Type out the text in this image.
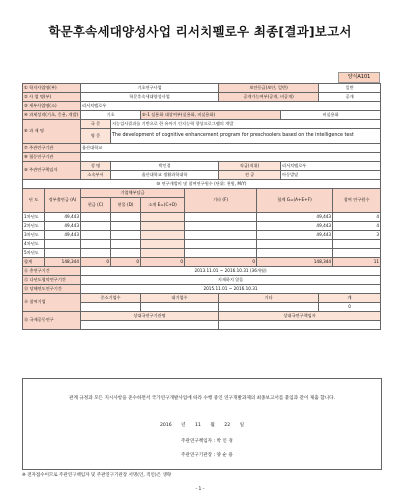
학문후속세대양성사업 리서치펠로우 최종[결과]보고서
양식A101
① 학지사업명(부)		기초연구사업				보안등급(보안, 일반)			일반	
② 사 업 명(부)		학문후속세대양성사업				공개가능여부(공개, 비공개)			공개	
③ 세부사업명(소)		리서치펠로우								
④ 과제성격(기초, 응용, 개발)		기초		⑤-1 실용화 대상여부(실용화, 비실용화)				비실용화		
⑥ 과 제 명		국 문	지능검사결과를 기반으로 한 유아기 인지능력 향상프로그램의 개발							
		영 문	The development of cognitive enhancement program for preschoolers based on the intelligence test							
⑦ 주관연구기관		울산대학교								
⑧ 협동연구기관										
⑨ 주관연구책임자		성 명	박인경			직급(직위)		리서치펠로우		
		소속부서	울산대학교 생활과학대학			전 공		아동발달		
⑩ 연구개발비 및 참여연구원수 (단위: 천원, M/Y)										
년 도	정부출연금 (A)	기업체부담금			기타 (F)		합계 G=(A+E+F)			참여 연구원수
		현금 (C)	현물 (D)	소계 E=(C+D)						
1차년도	49,443						49,443			4
2차년도	49,443						49,443			4
3차년도	49,443						49,443			3
4차년도										
5차년도										
합계	148,344	0	0	0	0		148,344			11
⑪ 총연구기간		2013.11.01 ~ 2016.10.31 (36개월)								
⑫ 다년도협약연구기간		지재하지 않음								
⑬ 당해연도연구기간		2015.11.01 ~ 2016.10.31								
⑭ 참여기업		중소기업수		대기업수		기타			계	
									0	
⑮ 국제공동연구		상대국연구기관명				상대국연구책임자				

관계 규정과 모든 지시사항을 준수하면서 국가연구개발사업에 따라 수행 중인 연구개발과제의 최종보고서를 붙임과 같이 제출 합니다.
2016 년 11 월 22 일
주관연구책임자 : 박 인 경
주관연구기관장 : 양 순 용
※ 전자접수이므로 주관연구책임자 및 주관연구기관장 서명(인, 직인)은 생략
- 1 -
